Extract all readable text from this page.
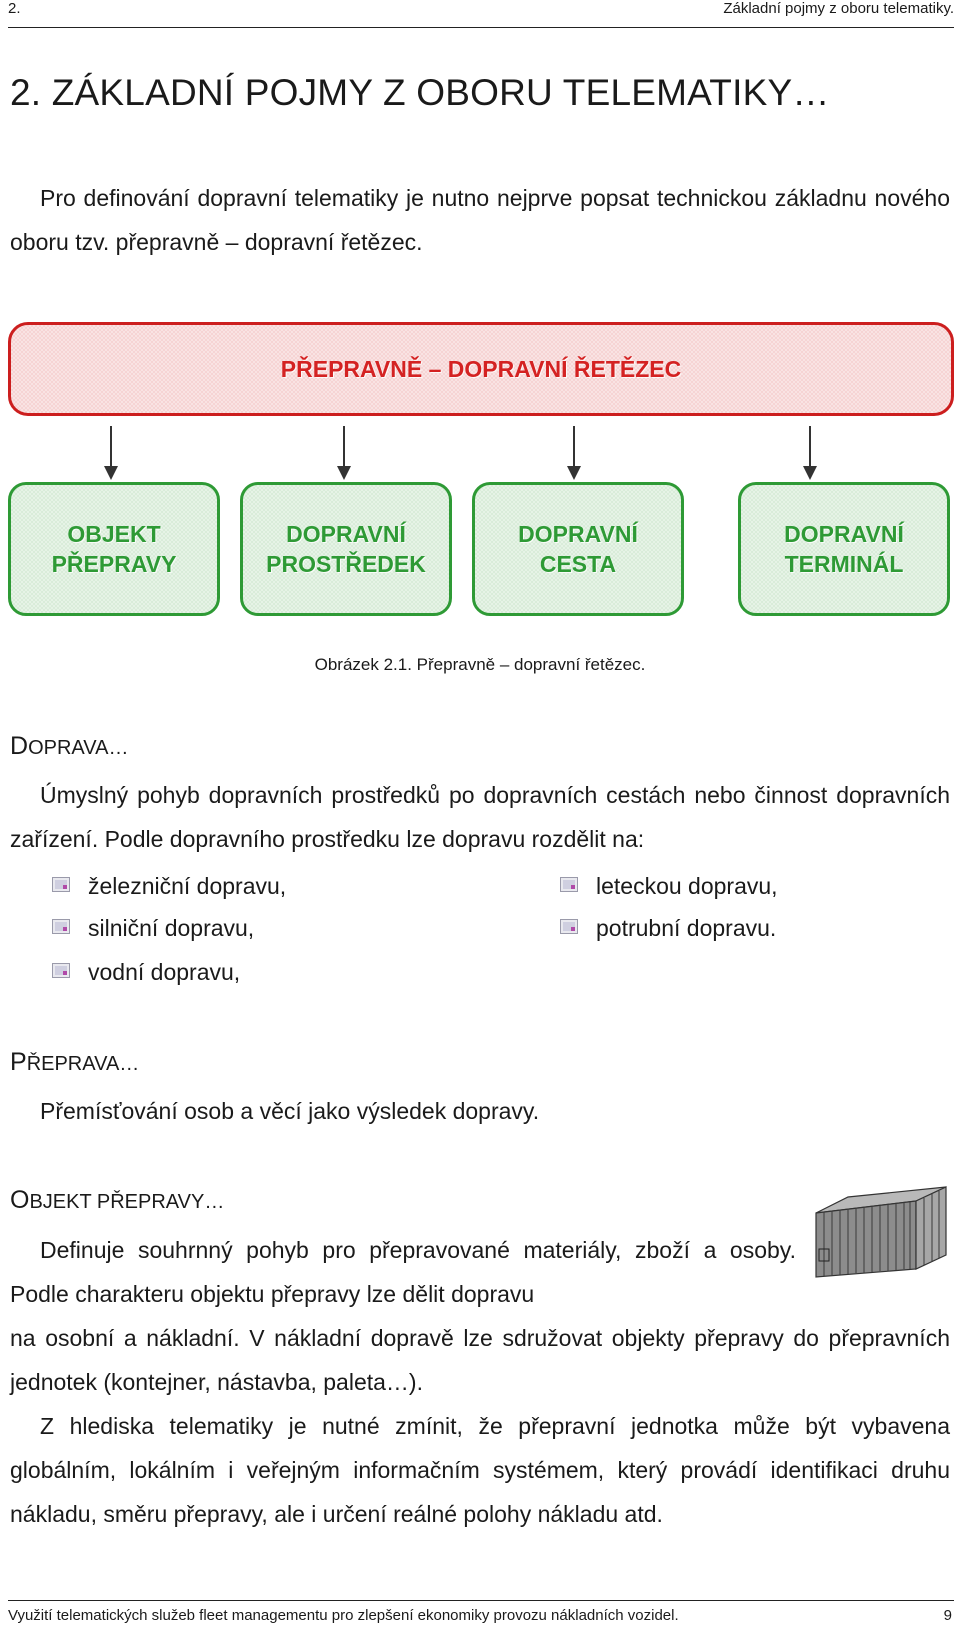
2.	Základní pojmy z oboru telematiky.
2. ZÁKLADNÍ POJMY Z OBORU TELEMATIKY…
Pro definování dopravní telematiky je nutno nejprve popsat technickou základnu nového oboru tzv. přepravně – dopravní řetězec.
PŘEPRAVNĚ – DOPRAVNÍ ŘETĚZEC
OBJEKT
PŘEPRAVY
DOPRAVNÍ
PROSTŘEDEK
DOPRAVNÍ
CESTA
DOPRAVNÍ
TERMINÁL
Obrázek 2.1. Přepravně – dopravní řetězec.
DOPRAVA…
Úmyslný pohyb dopravních prostředků po dopravních cestách nebo činnost dopravních zařízení. Podle dopravního prostředku lze dopravu rozdělit na:
železniční dopravu,
silniční dopravu,
vodní dopravu,
leteckou dopravu,
potrubní dopravu.
PŘEPRAVA…
Přemísťování osob a věcí jako výsledek dopravy.
OBJEKT PŘEPRAVY…
Definuje souhrnný pohyb pro přepravované materiály, zboží a osoby. Podle charakteru objektu přepravy lze dělit dopravu
na osobní a nákladní. V nákladní dopravě lze sdružovat objekty přepravy do přepravních jednotek (kontejner, nástavba, paleta…).
Z hlediska telematiky je nutné zmínit, že přepravní jednotka může být vybavena globálním, lokálním i veřejným informačním systémem, který provádí identifikaci druhu nákladu, směru přepravy, ale i určení reálné polohy nákladu atd.
Využití telematických služeb fleet managementu pro zlepšení ekonomiky provozu nákladních vozidel.	9
